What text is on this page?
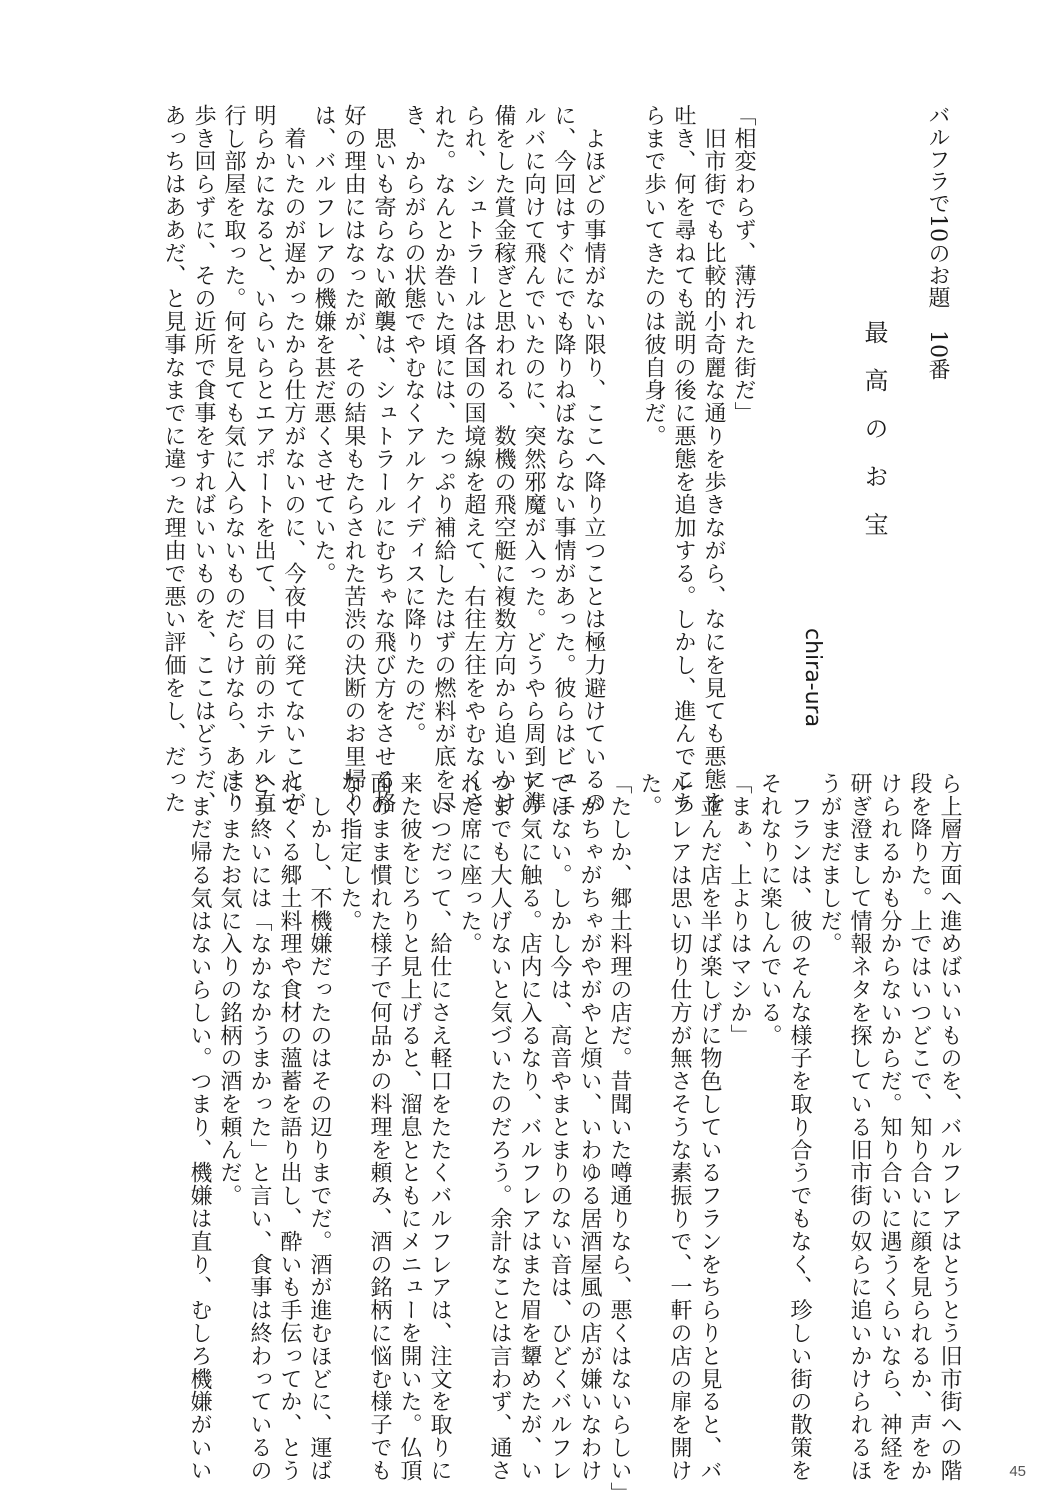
バルフラで10のお題　10番
最高のお宝
chira-ura
「相変わらず、薄汚れた街だ」
　旧市街でも比較的小奇麗な通りを歩きながら、なにを見ても悪態を
吐き、何を尋ねても説明の後に悪態を追加する。しかし、進んでこち
らまで歩いてきたのは彼自身だ。

　よほどの事情がない限り、ここへ降り立つことは極力避けているの
に、今回はすぐにでも降りねばならない事情があった。彼らはビュエ
ルバに向けて飛んでいたのに、突然邪魔が入った。どうやら周到に準
備をした賞金稼ぎと思われる、数機の飛空艇に複数方向から追いかけ
られ、シュトラールは各国の国境線を超えて、右往左往をやむなくさ
れた。なんとか巻いた頃には、たっぷり補給したはずの燃料が底を尽
き、からがらの状態でやむなくアルケイディスに降りたのだ。
　思いも寄らない敵襲は、シュトラールにむちゃな飛び方をさせる格
好の理由にはなったが、その結果もたらされた苦渋の決断のお里帰り
は、バルフレアの機嫌を甚だ悪くさせていた。
　着いたのが遅かったから仕方がないのに、今夜中に発てないことが
明らかになると、いらいらとエアポートを出て、目の前のホテルへ直
行し部屋を取った。何を見ても気に入らないものだらけなら、あまり
歩き回らずに、その近所で食事をすればいいものを、ここはどうだ、
あっちはああだ、と見事なまでに違った理由で悪い評価をし、だった
ら上層方面へ進めばいいものを、バルフレアはとうとう旧市街への階
段を降りた。上ではいつどこで、知り合いに顔を見られるか、声をか
けられるかも分からないからだ。知り合いに遇うくらいなら、神経を
研ぎ澄まして情報ネタを探している旧市街の奴らに追いかけられるほ
うがまだましだ。
　フランは、彼のそんな様子を取り合うでもなく、珍しい街の散策を
それなりに楽しんでいる。
「まぁ、上よりはマシか」
　並んだ店を半ば楽しげに物色しているフランをちらりと見ると、バ
ルフレアは思い切り仕方が無さそうな素振りで、一軒の店の扉を開け
た。
「たしか、郷土料理の店だ。昔聞いた噂通りなら、悪くはないらしい」
　がちゃがちゃがやがやと煩い、いわゆる居酒屋風の店が嫌いなわけ
ではない。しかし今は、高音やまとまりのない音は、ひどくバルフレ
アの気に触る。店内に入るなり、バルフレアはまた眉を顰めたが、い
つまでも大人げないと気づいたのだろう。余計なことは言わず、通さ
れた席に座った。
　いつだって、給仕にさえ軽口をたたくバルフレアは、注文を取りに
来た彼をじろりと見上げると、溜息とともにメニューを開いた。仏頂
面のまま慣れた様子で何品かの料理を頼み、酒の銘柄に悩む様子でも
なく指定した。
　しかし、不機嫌だったのはその辺りまでだ。酒が進むほどに、運ば
れてくる郷土料理や食材の薀蓄を語り出し、酔いも手伝ってか、とう
とう終いには「なかなかうまかった」と言い、食事は終わっているの
に、またお気に入りの銘柄の酒を頼んだ。
　まだ帰る気はないらしい。つまり、機嫌は直り、むしろ機嫌がいい	45
